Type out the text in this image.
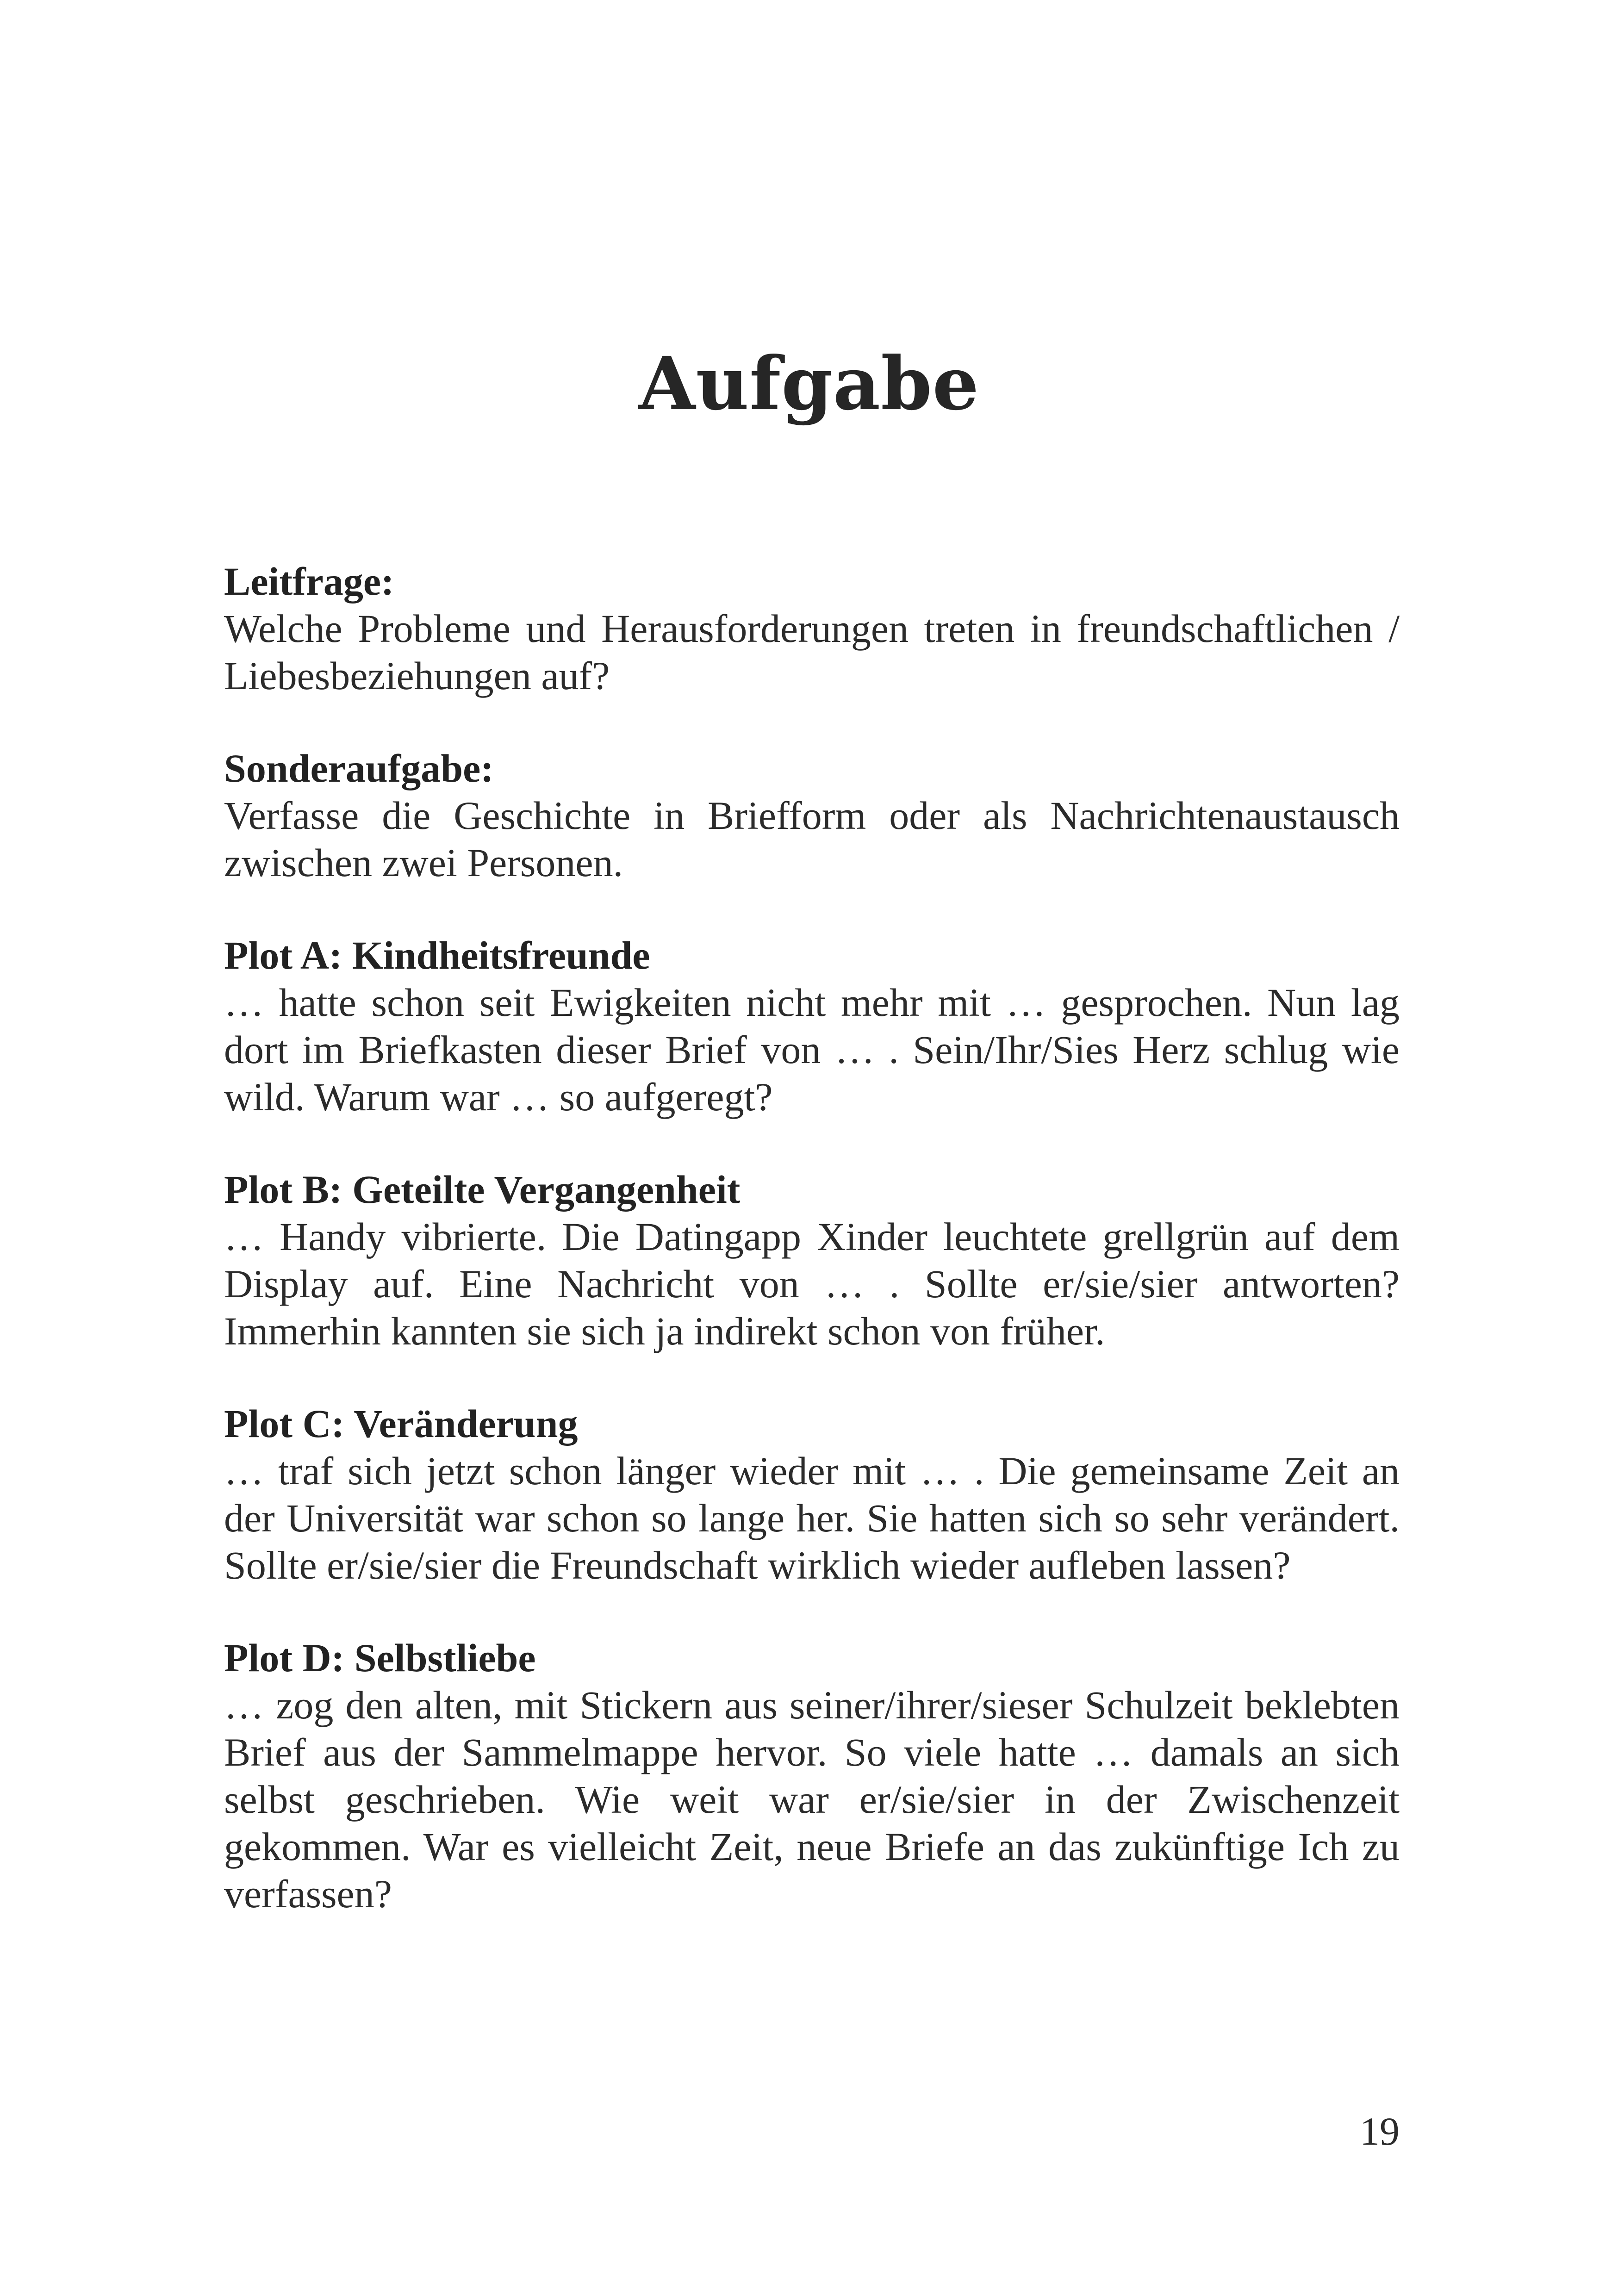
Aufgabe

Leitfrage:

Welche Probleme und Herausforderungen treten in freundschaftlichen / Liebesbeziehungen auf?

Sonderaufgabe:

Verfasse die Geschichte in Briefform oder als Nachrichtenaustausch zwischen zwei Personen.

Plot A: Kindheitsfreunde

… hatte schon seit Ewigkeiten nicht mehr mit … gesprochen. Nun lag dort im Briefkasten dieser Brief von … . Sein/Ihr/Sies Herz schlug wie wild. Warum war … so aufgeregt?

Plot B: Geteilte Vergangenheit

… Handy vibrierte. Die Datingapp Xinder leuchtete grellgrün auf dem Display auf. Eine Nachricht von … . Sollte er/sie/sier antworten? Immerhin kannten sie sich ja indirekt schon von früher.

Plot C: Veränderung

… traf sich jetzt schon länger wieder mit … . Die gemeinsame Zeit an der Universität war schon so lange her. Sie hatten sich so sehr verändert. Sollte er/sie/sier die Freundschaft wirklich wieder aufleben lassen?

Plot D: Selbstliebe

… zog den alten, mit Stickern aus seiner/ihrer/sieser Schulzeit beklebten Brief aus der Sammelmappe hervor. So viele hatte … damals an sich selbst geschrieben. Wie weit war er/sie/sier in der Zwischenzeit gekommen. War es vielleicht Zeit, neue Briefe an das zukünftige Ich zu verfassen?

19
